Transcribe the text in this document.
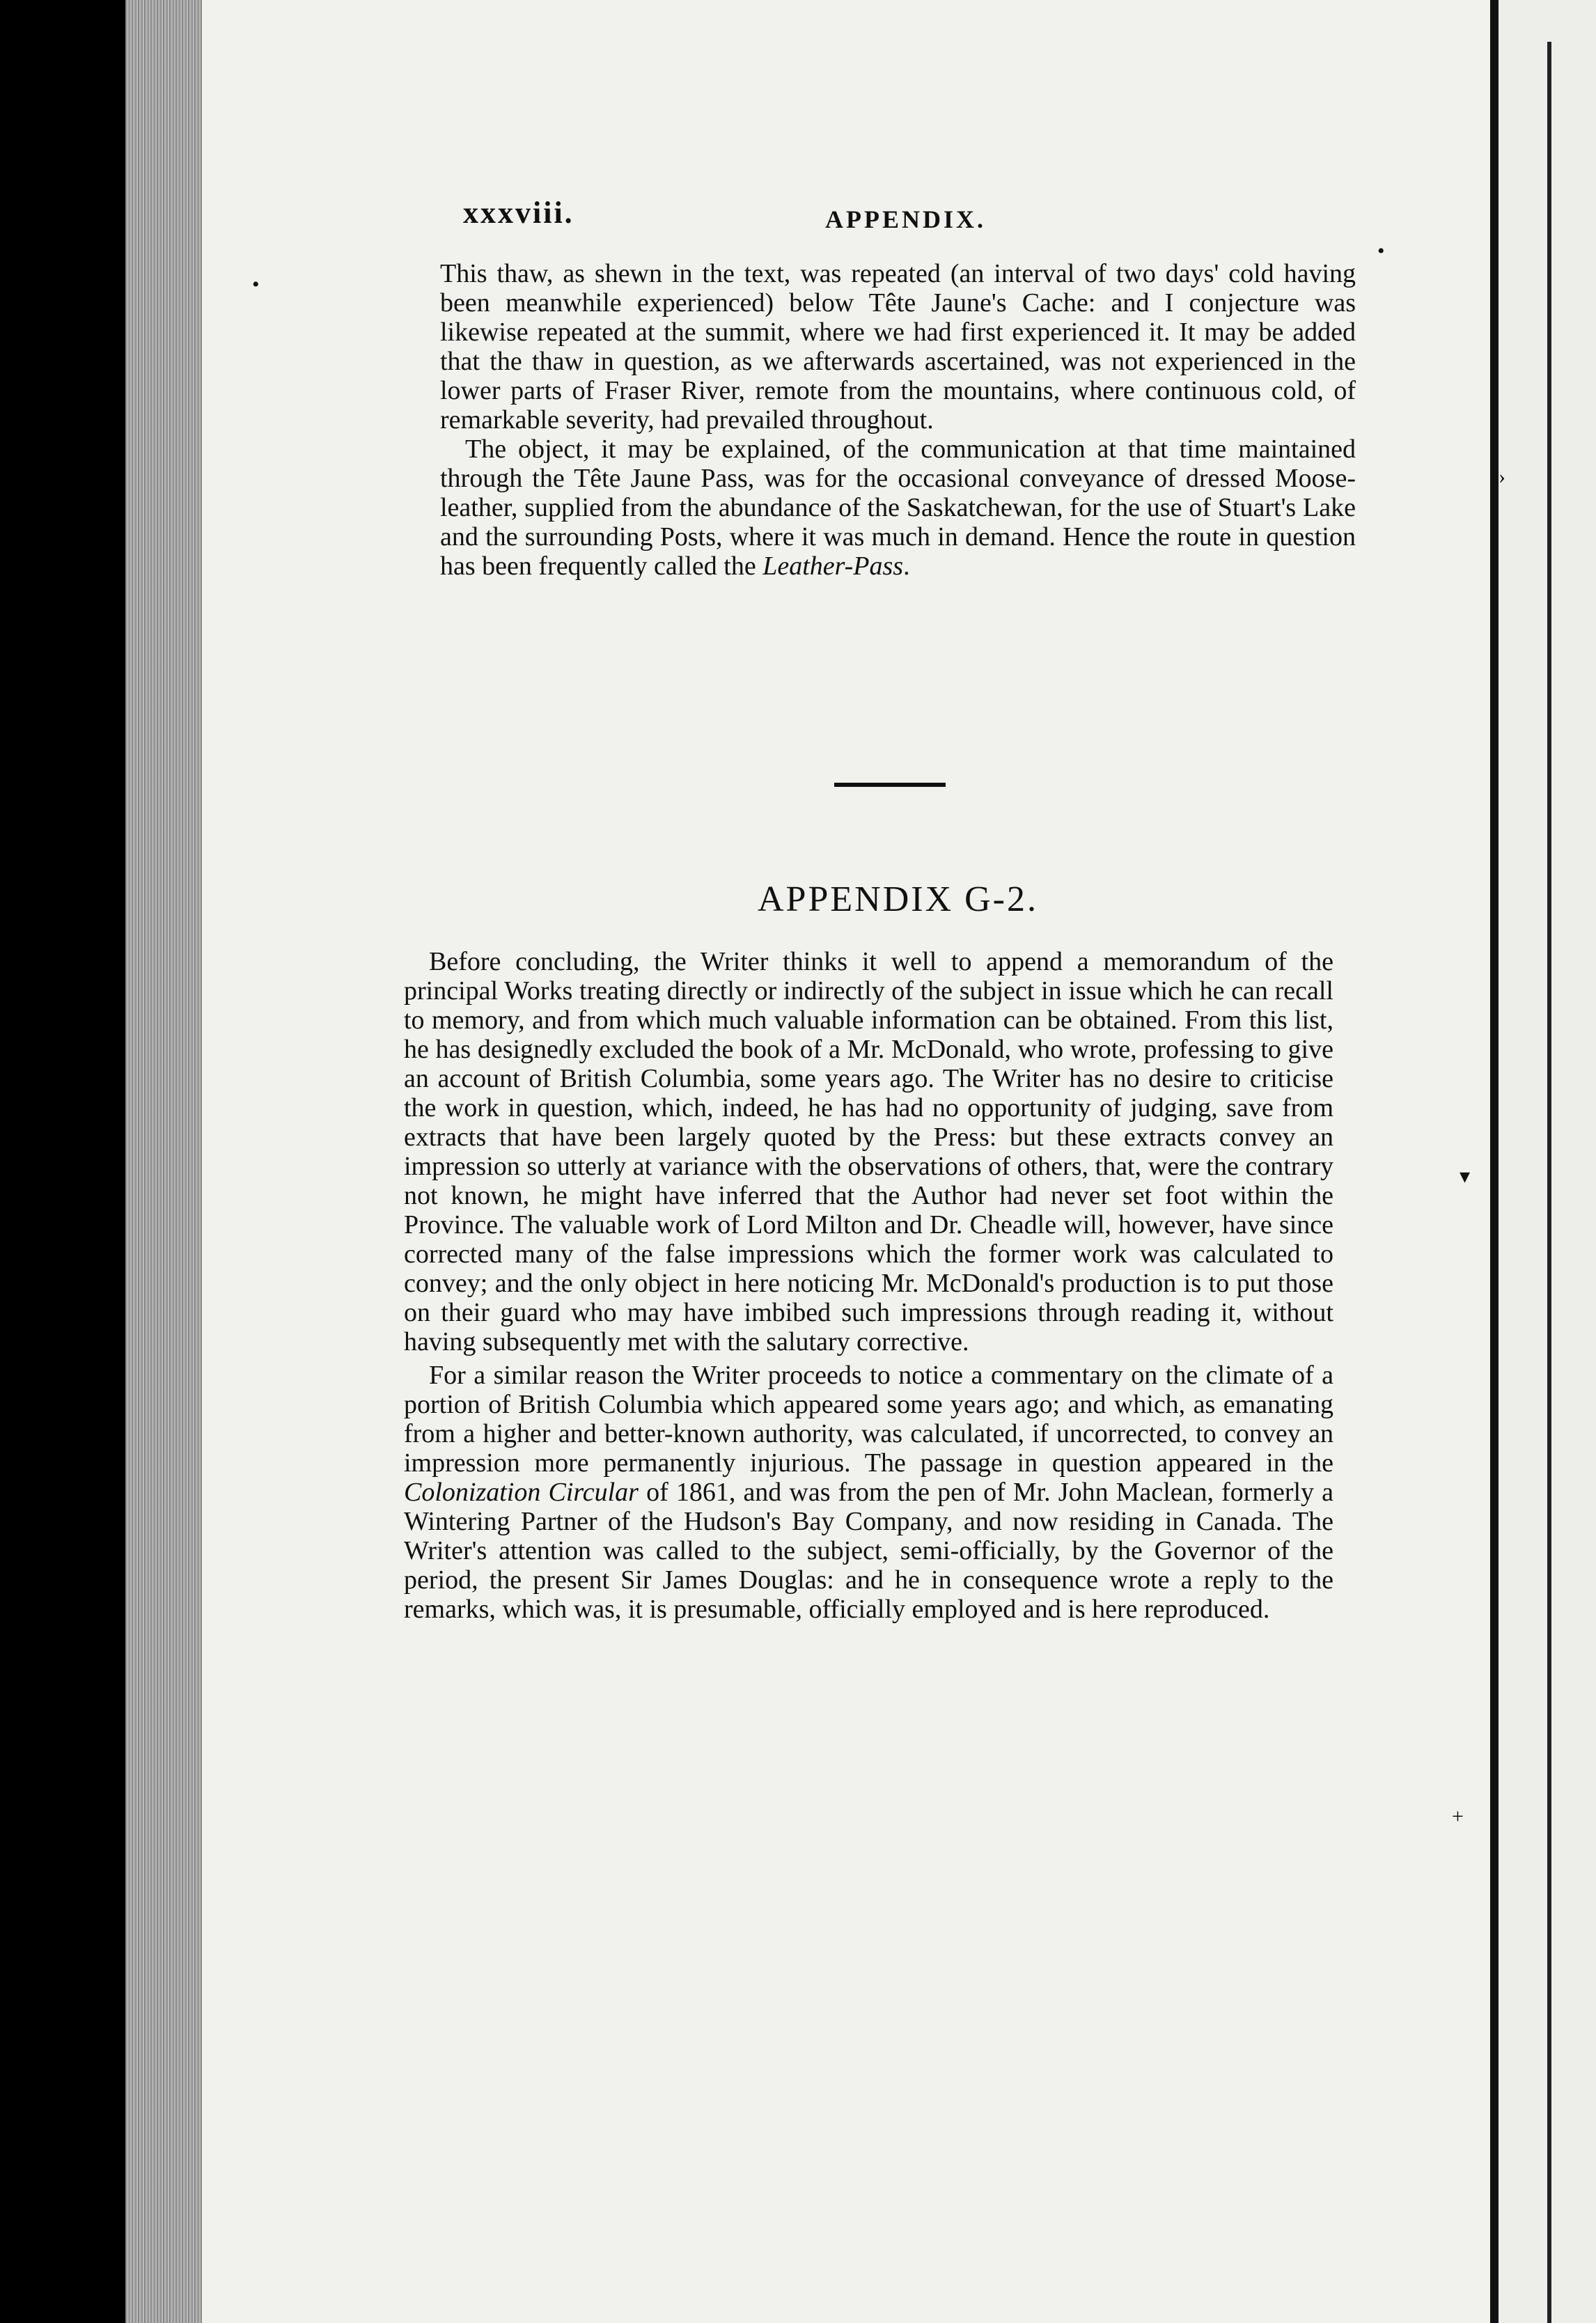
xxxviii.	APPENDIX.

This thaw, as shewn in the text, was repeated (an interval of two days' cold having been meanwhile experienced) below Tête Jaune's Cache: and I conjecture was likewise repeated at the summit, where we had first experienced it. It may be added that the thaw in question, as we afterwards ascertained, was not experienced in the lower parts of Fraser River, remote from the mountains, where continuous cold, of remarkable severity, had prevailed throughout.

The object, it may be explained, of the communication at that time maintained through the Tête Jaune Pass, was for the occasional conveyance of dressed Moose-leather, supplied from the abundance of the Saskatchewan, for the use of Stuart's Lake and the surrounding Posts, where it was much in demand. Hence the route in question has been frequently called the Leather-Pass.

APPENDIX G-2.

Before concluding, the Writer thinks it well to append a memorandum of the principal Works treating directly or indirectly of the subject in issue which he can recall to memory, and from which much valuable information can be obtained. From this list, he has designedly excluded the book of a Mr. McDonald, who wrote, professing to give an account of British Columbia, some years ago. The Writer has no desire to criticise the work in question, which, indeed, he has had no opportunity of judging, save from extracts that have been largely quoted by the Press: but these extracts convey an impression so utterly at variance with the observations of others, that, were the contrary not known, he might have inferred that the Author had never set foot within the Province. The valuable work of Lord Milton and Dr. Cheadle will, however, have since corrected many of the false impressions which the former work was calculated to convey; and the only object in here noticing Mr. McDonald's production is to put those on their guard who may have imbibed such impressions through reading it, without having subsequently met with the salutary corrective.

For a similar reason the Writer proceeds to notice a commentary on the climate of a portion of British Columbia which appeared some years ago; and which, as emanating from a higher and better-known authority, was calculated, if uncorrected, to convey an impression more permanently injurious. The passage in question appeared in the Colonization Circular of 1861, and was from the pen of Mr. John Maclean, formerly a Wintering Partner of the Hudson's Bay Company, and now residing in Canada. The Writer's attention was called to the subject, semi-officially, by the Governor of the period, the present Sir James Douglas: and he in consequence wrote a reply to the remarks, which was, it is presumable, officially employed and is here reproduced.

•
•
›
▾
+
